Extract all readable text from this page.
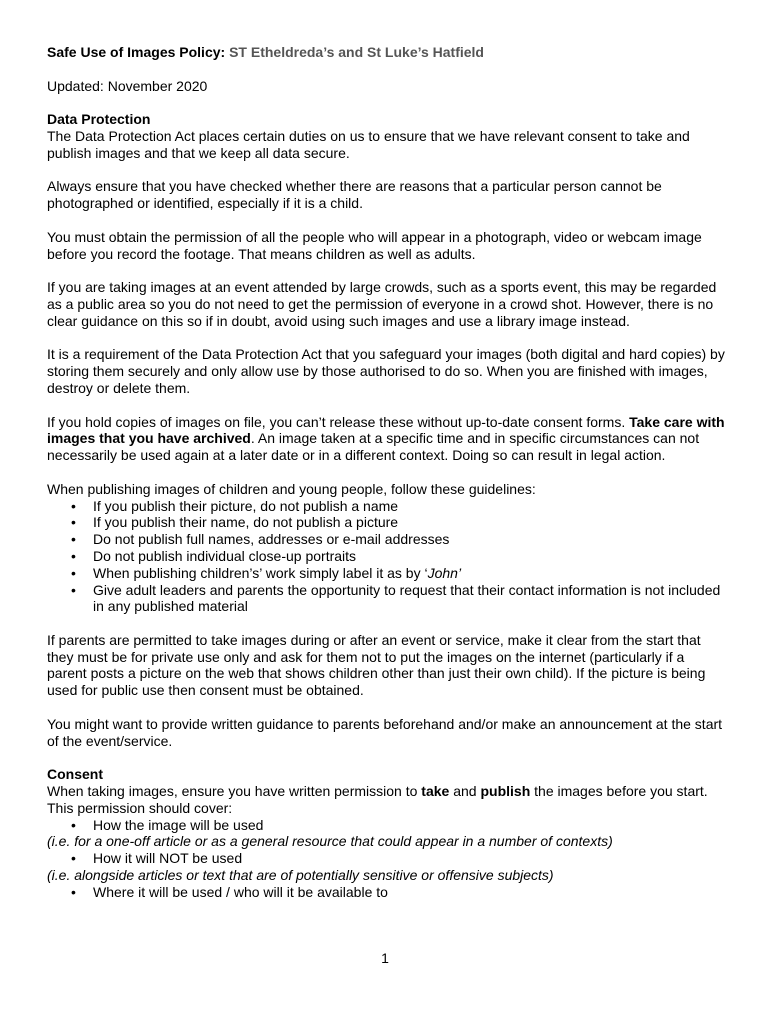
Safe Use of Images Policy: ST Etheldreda’s and St Luke’s Hatfield

Updated: November 2020

Data Protection

The Data Protection Act places certain duties on us to ensure that we have relevant consent to take and publish images and that we keep all data secure.

Always ensure that you have checked whether there are reasons that a particular person cannot be photographed or identified, especially if it is a child.

You must obtain the permission of all the people who will appear in a photograph, video or webcam image before you record the footage. That means children as well as adults.

If you are taking images at an event attended by large crowds, such as a sports event, this may be regarded as a public area so you do not need to get the permission of everyone in a crowd shot. However, there is no clear guidance on this so if in doubt, avoid using such images and use a library image instead.

It is a requirement of the Data Protection Act that you safeguard your images (both digital and hard copies) by storing them securely and only allow use by those authorised to do so. When you are finished with images, destroy or delete them.

If you hold copies of images on file, you can’t release these without up-to-date consent forms. Take care with images that you have archived. An image taken at a specific time and in specific circumstances can not necessarily be used again at a later date or in a different context. Doing so can result in legal action.

When publishing images of children and young people, follow these guidelines:

• If you publish their picture, do not publish a name
• If you publish their name, do not publish a picture
• Do not publish full names, addresses or e-mail addresses
• Do not publish individual close-up portraits
• When publishing children’s’ work simply label it as by ‘John’
• Give adult leaders and parents the opportunity to request that their contact information is not included in any published material

If parents are permitted to take images during or after an event or service, make it clear from the start that they must be for private use only and ask for them not to put the images on the internet (particularly if a parent posts a picture on the web that shows children other than just their own child). If the picture is being used for public use then consent must be obtained.

You might want to provide written guidance to parents beforehand and/or make an announcement at the start of the event/service.

Consent

When taking images, ensure you have written permission to take and publish the images before you start. This permission should cover:

• How the image will be used

(i.e. for a one-off article or as a general resource that could appear in a number of contexts)

• How it will NOT be used

(i.e. alongside articles or text that are of potentially sensitive or offensive subjects)

• Where it will be used / who will it be available to
1
